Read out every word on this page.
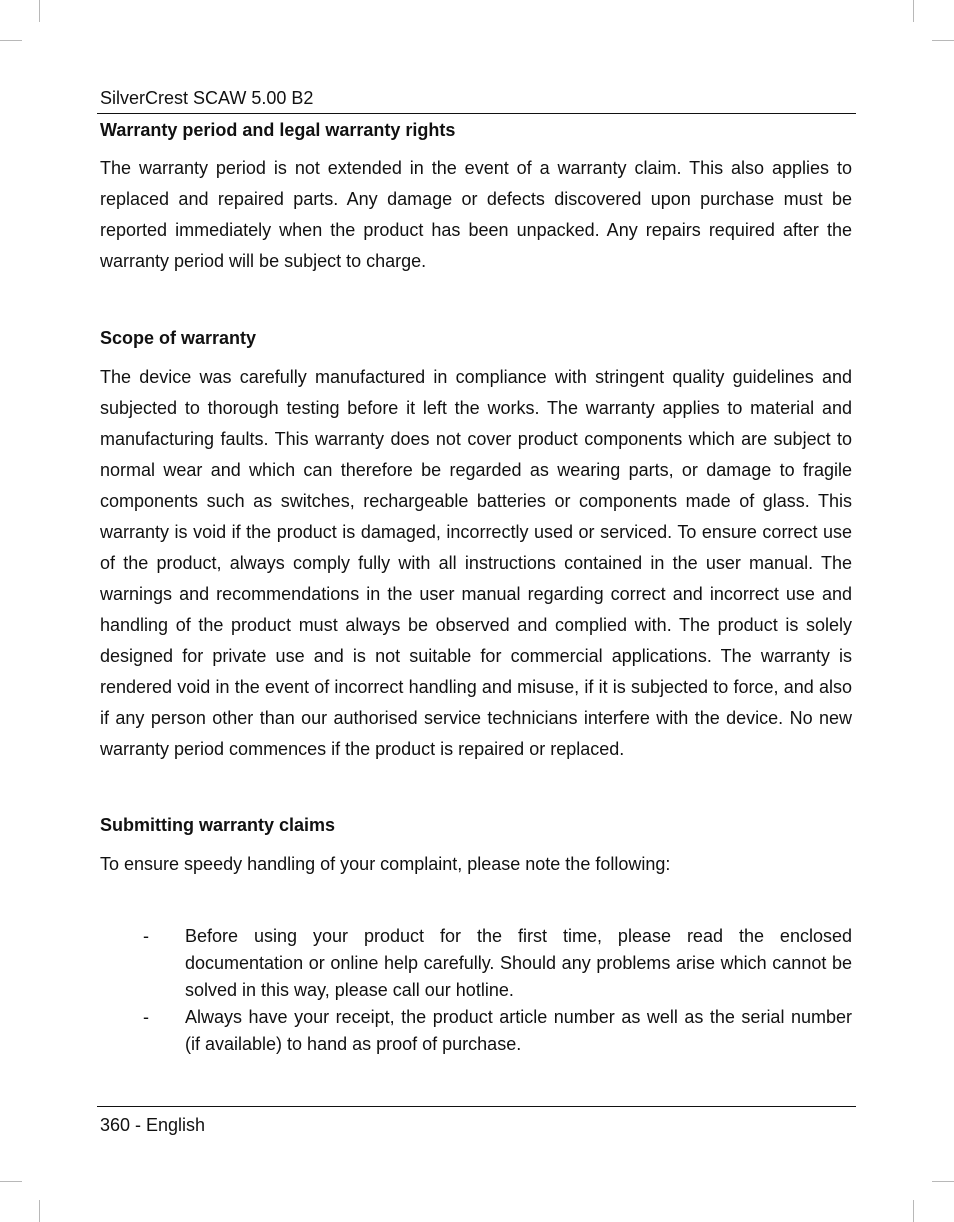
SilverCrest SCAW 5.00 B2
Warranty period and legal warranty rights

The warranty period is not extended in the event of a warranty claim. This also applies to replaced and repaired parts. Any damage or defects discovered upon purchase must be reported immediately when the product has been unpacked. Any repairs required after the warranty period will be subject to charge.

Scope of warranty

The device was carefully manufactured in compliance with stringent quality guidelines and subjected to thorough testing before it left the works. The warranty applies to material and manufacturing faults. This warranty does not cover product components which are subject to normal wear and which can therefore be regarded as wearing parts, or damage to fragile components such as switches, rechargeable batteries or components made of glass. This warranty is void if the product is damaged, incorrectly used or serviced. To ensure correct use of the product, always comply fully with all instructions contained in the user manual. The warnings and recommendations in the user manual regarding correct and incorrect use and handling of the product must always be observed and complied with. The product is solely designed for private use and is not suitable for commercial applications. The warranty is rendered void in the event of incorrect handling and misuse, if it is subjected to force, and also if any person other than our authorised service technicians interfere with the device. No new warranty period commences if the product is repaired or replaced.

Submitting warranty claims

To ensure speedy handling of your complaint, please note the following:

- Before using your product for the first time, please read the enclosed documentation or online help carefully. Should any problems arise which cannot be solved in this way, please call our hotline.
- Always have your receipt, the product article number as well as the serial number (if available) to hand as proof of purchase.
360 - English
